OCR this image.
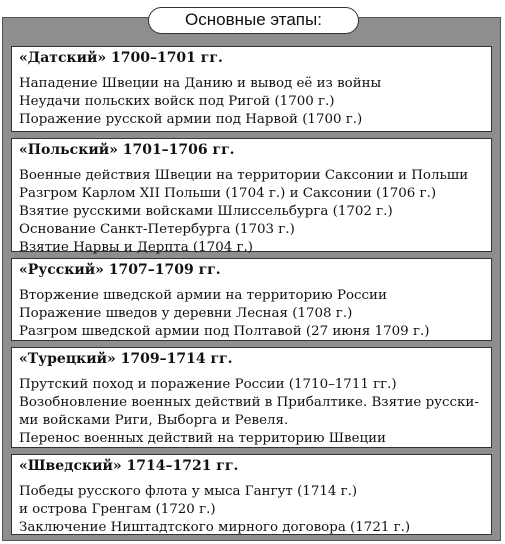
Основные этапы:
«Датский» 1700–1701 гг.
Нападение Швеции на Данию и вывод её из войны
Неудачи польских войск под Ригой (1700 г.)
Поражение русской армии под Нарвой (1700 г.)
«Польский» 1701–1706 гг.
Военные действия Швеции на территории Саксонии и Польши
Разгром Карлом XII Польши (1704 г.) и Саксонии (1706 г.)
Взятие русскими войсками Шлиссельбурга (1702 г.)
Основание Санкт-Петербурга (1703 г.)
Взятие Нарвы и Дерпта (1704 г.)
«Русский» 1707–1709 гг.
Вторжение шведской армии на территорию России
Поражение шведов у деревни Лесная (1708 г.)
Разгром шведской армии под Полтавой (27 июня 1709 г.)
«Турецкий» 1709–1714 гг.
Прутский поход и поражение России (1710–1711 гг.)
Возобновление военных действий в Прибалтике. Взятие русски-
ми войсками Риги, Выборга и Ревеля.
Перенос военных действий на территорию Швеции
«Шведский» 1714–1721 гг.
Победы русского флота у мыса Гангут (1714 г.)
и острова Гренгам (1720 г.)
Заключение Ништадтского мирного договора (1721 г.)
